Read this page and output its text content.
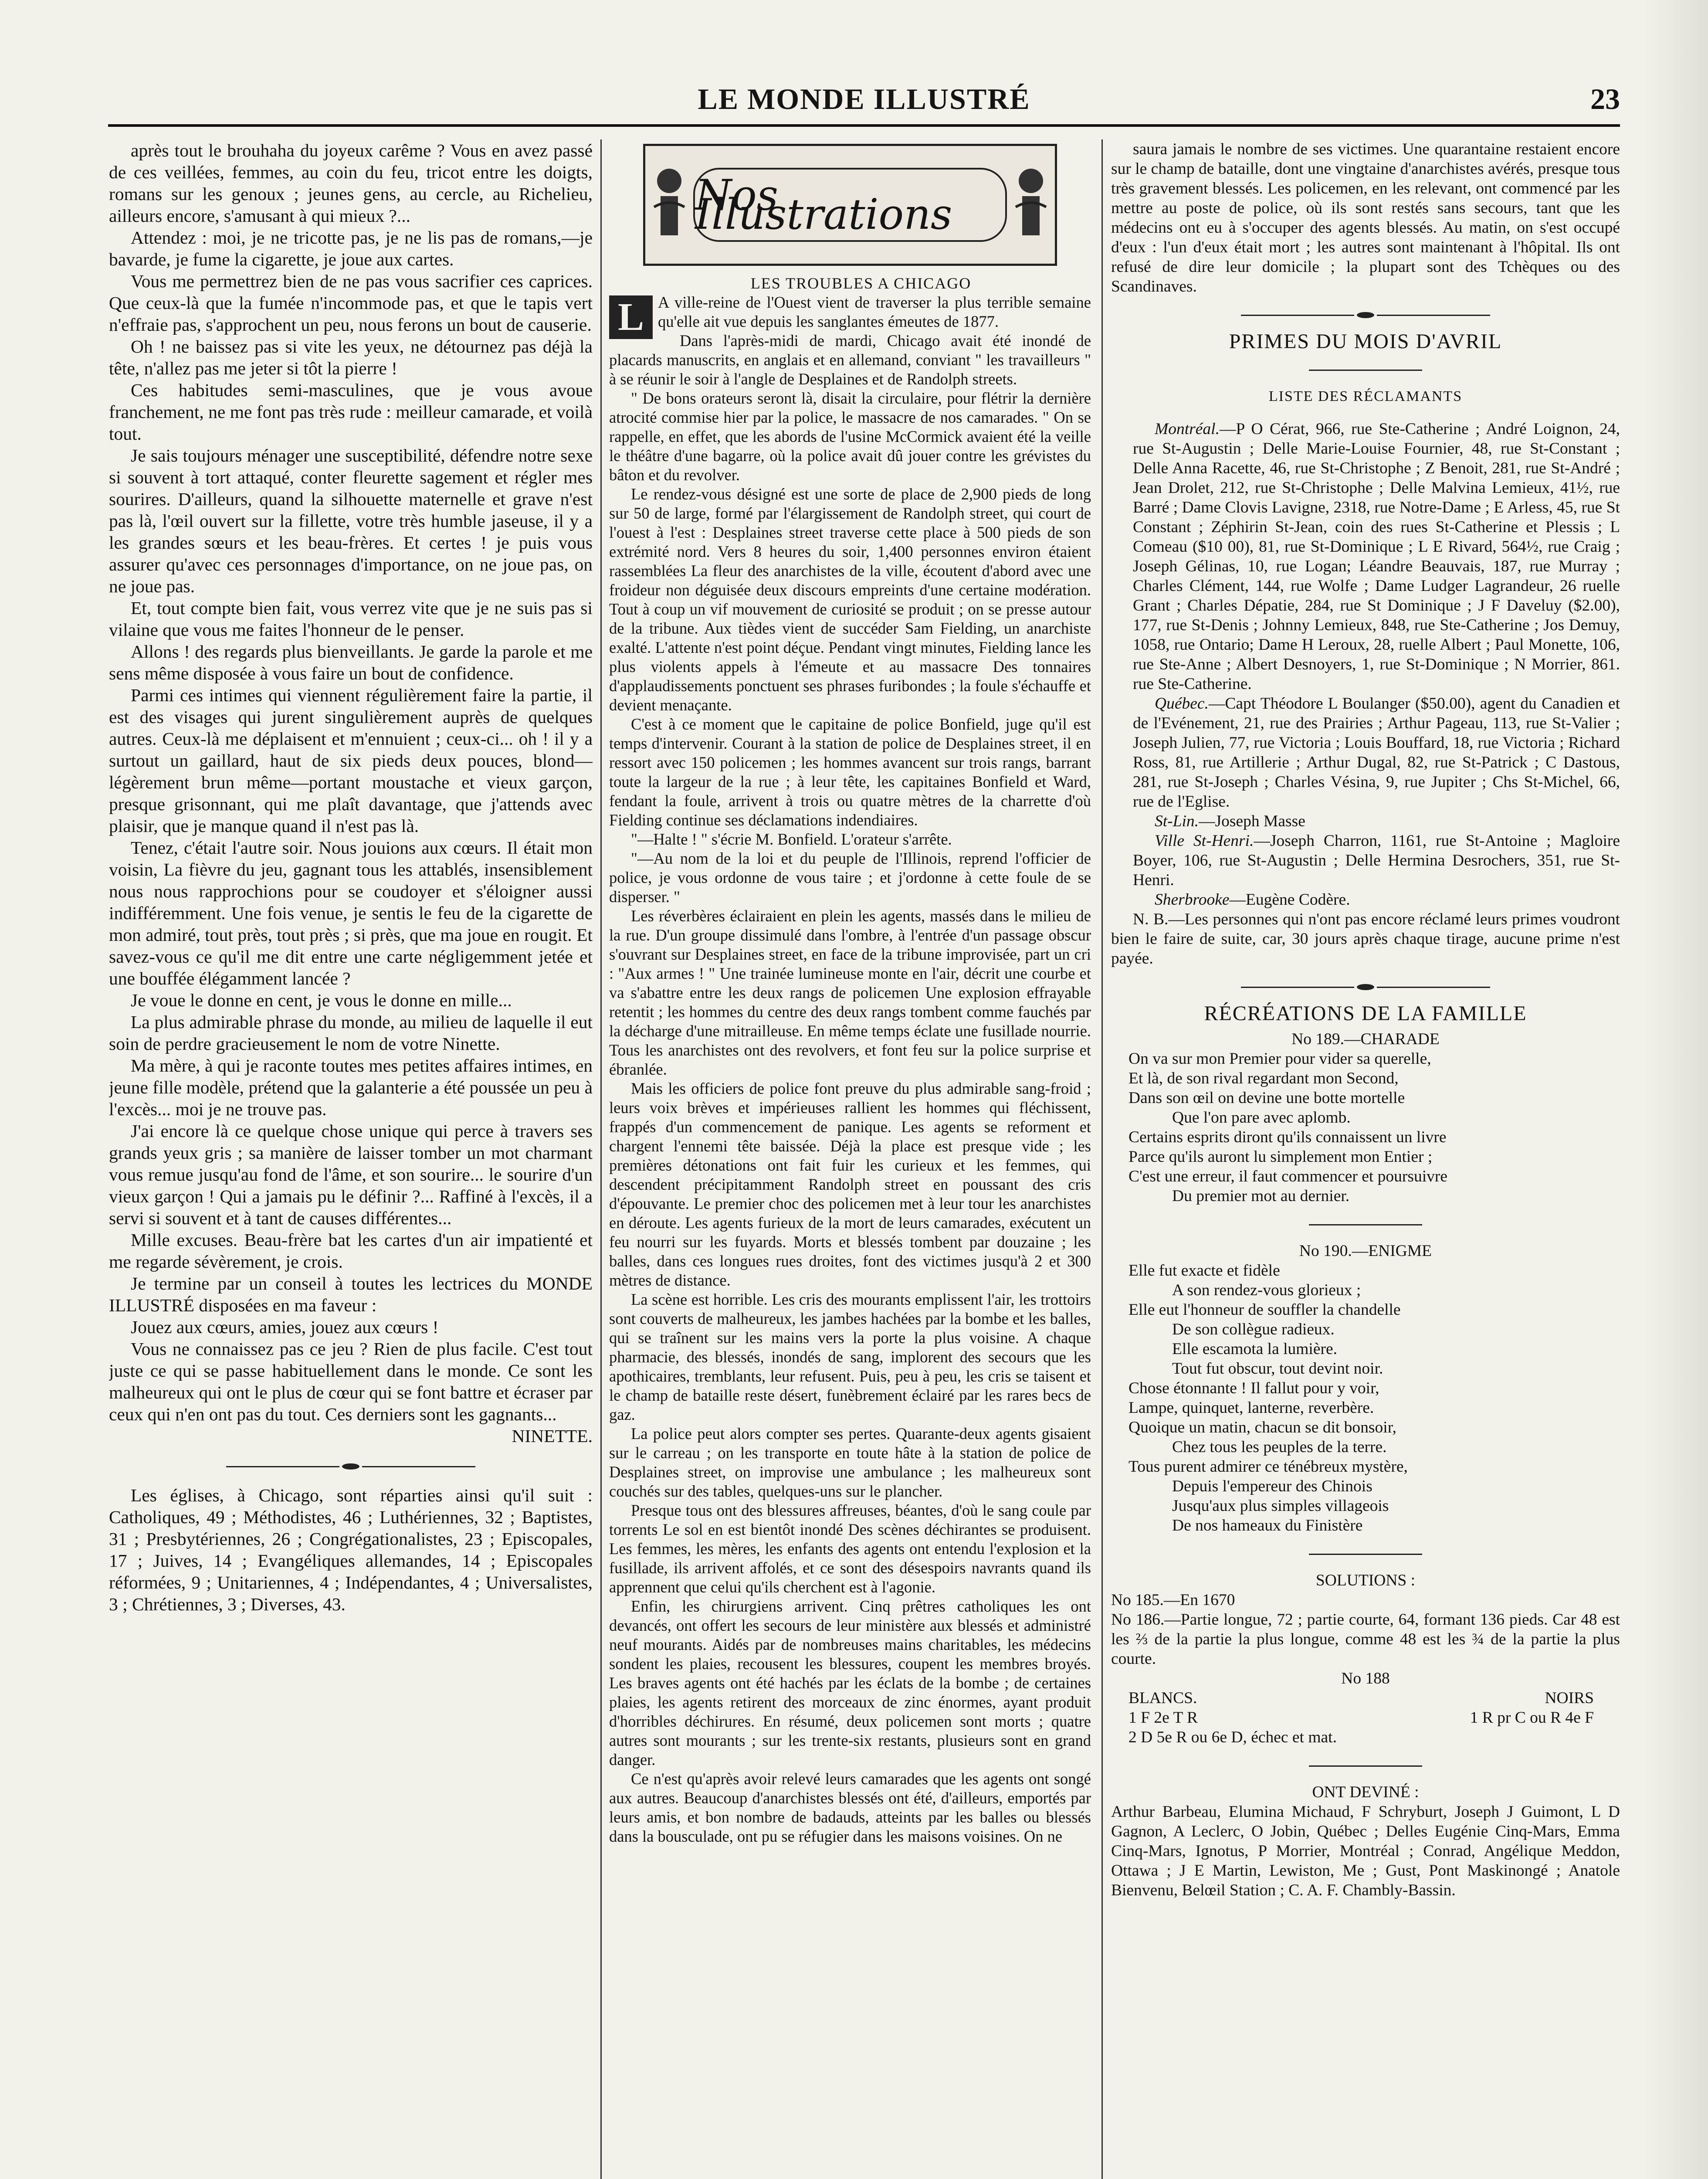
LE MONDE ILLUSTRÉ	23

après tout le brouhaha du joyeux carême ? Vous en avez passé de ces veillées, femmes, au coin du feu, tricot entre les doigts, romans sur les genoux ; jeunes gens, au cercle, au Richelieu, ailleurs encore, s'amusant à qui mieux ?...

Attendez : moi, je ne tricotte pas, je ne lis pas de romans,—je bavarde, je fume la cigarette, je joue aux cartes.

Vous me permettrez bien de ne pas vous sacrifier ces caprices. Que ceux-là que la fumée n'incommode pas, et que le tapis vert n'effraie pas, s'approchent un peu, nous ferons un bout de causerie.

Oh ! ne baissez pas si vite les yeux, ne détournez pas déjà la tête, n'allez pas me jeter si tôt la pierre !

Ces habitudes semi-masculines, que je vous avoue franchement, ne me font pas très rude : meilleur camarade, et voilà tout.

Je sais toujours ménager une susceptibilité, défendre notre sexe si souvent à tort attaqué, conter fleurette sagement et régler mes sourires. D'ailleurs, quand la silhouette maternelle et grave n'est pas là, l'œil ouvert sur la fillette, votre très humble jaseuse, il y a les grandes sœurs et les beau-frères. Et certes ! je puis vous assurer qu'avec ces personnages d'importance, on ne joue pas, on ne joue pas.

Et, tout compte bien fait, vous verrez vite que je ne suis pas si vilaine que vous me faites l'honneur de le penser.

Allons ! des regards plus bienveillants. Je garde la parole et me sens même disposée à vous faire un bout de confidence.

Parmi ces intimes qui viennent régulièrement faire la partie, il est des visages qui jurent singulièrement auprès de quelques autres. Ceux-là me déplaisent et m'ennuient ; ceux-ci... oh ! il y a surtout un gaillard, haut de six pieds deux pouces, blond—légèrement brun même—portant moustache et vieux garçon, presque grisonnant, qui me plaît davantage, que j'attends avec plaisir, que je manque quand il n'est pas là.

Tenez, c'était l'autre soir. Nous jouions aux cœurs. Il était mon voisin, La fièvre du jeu, gagnant tous les attablés, insensiblement nous nous rapprochions pour se coudoyer et s'éloigner aussi indifféremment. Une fois venue, je sentis le feu de la cigarette de mon admiré, tout près, tout près ; si près, que ma joue en rougit. Et savez-vous ce qu'il me dit entre une carte négligemment jetée et une bouffée élégamment lancée ?

Je voue le donne en cent, je vous le donne en mille...

La plus admirable phrase du monde, au milieu de laquelle il eut soin de perdre gracieusement le nom de votre Ninette.

Ma mère, à qui je raconte toutes mes petites affaires intimes, en jeune fille modèle, prétend que la galanterie a été poussée un peu à l'excès... moi je ne trouve pas.

J'ai encore là ce quelque chose unique qui perce à travers ses grands yeux gris ; sa manière de laisser tomber un mot charmant vous remue jusqu'au fond de l'âme, et son sourire... le sourire d'un vieux garçon ! Qui a jamais pu le définir ?... Raffiné à l'excès, il a servi si souvent et à tant de causes différentes...

Mille excuses. Beau-frère bat les cartes d'un air impatienté et me regarde sévèrement, je crois.

Je termine par un conseil à toutes les lectrices du MONDE ILLUSTRÉ disposées en ma faveur :

Jouez aux cœurs, amies, jouez aux cœurs !

Vous ne connaissez pas ce jeu ? Rien de plus facile. C'est tout juste ce qui se passe habituellement dans le monde. Ce sont les malheureux qui ont le plus de cœur qui se font battre et écraser par ceux qui n'en ont pas du tout. Ces derniers sont les gagnants...

NINETTE.

Les églises, à Chicago, sont réparties ainsi qu'il suit : Catholiques, 49 ; Méthodistes, 46 ; Luthériennes, 32 ; Baptistes, 31 ; Presbytériennes, 26 ; Congrégationalistes, 23 ; Episcopales, 17 ; Juives, 14 ; Evangéliques allemandes, 14 ; Episcopales réformées, 9 ; Unitariennes, 4 ; Indépendantes, 4 ; Universalistes, 3 ; Chrétiennes, 3 ; Diverses, 43.

Nos Illustrations

LES TROUBLES A CHICAGO

L A ville-reine de l'Ouest vient de traverser la plus terrible semaine qu'elle ait vue depuis les sanglantes émeutes de 1877.

Dans l'après-midi de mardi, Chicago avait été inondé de placards manuscrits, en anglais et en allemand, conviant " les travailleurs " à se réunir le soir à l'angle de Desplaines et de Randolph streets.

" De bons orateurs seront là, disait la circulaire, pour flétrir la dernière atrocité commise hier par la police, le massacre de nos camarades. " On se rappelle, en effet, que les abords de l'usine McCormick avaient été la veille le théâtre d'une bagarre, où la police avait dû jouer contre les grévistes du bâton et du revolver.

Le rendez-vous désigné est une sorte de place de 2,900 pieds de long sur 50 de large, formé par l'élargissement de Randolph street, qui court de l'ouest à l'est : Desplaines street traverse cette place à 500 pieds de son extrémité nord. Vers 8 heures du soir, 1,400 personnes environ étaient rassemblées La fleur des anarchistes de la ville, écoutent d'abord avec une froideur non déguisée deux discours empreints d'une certaine modération. Tout à coup un vif mouvement de curiosité se produit ; on se presse autour de la tribune. Aux tièdes vient de succéder Sam Fielding, un anarchiste exalté. L'attente n'est point déçue. Pendant vingt minutes, Fielding lance les plus violents appels à l'émeute et au massacre Des tonnaires d'applaudissements ponctuent ses phrases furibondes ; la foule s'échauffe et devient menaçante.

C'est à ce moment que le capitaine de police Bonfield, juge qu'il est temps d'intervenir. Courant à la station de police de Desplaines street, il en ressort avec 150 policemen ; les hommes avancent sur trois rangs, barrant toute la largeur de la rue ; à leur tête, les capitaines Bonfield et Ward, fendant la foule, arrivent à trois ou quatre mètres de la charrette d'où Fielding continue ses déclamations indendiaires.

"—Halte ! " s'écrie M. Bonfield. L'orateur s'arrête.

"—Au nom de la loi et du peuple de l'Illinois, reprend l'officier de police, je vous ordonne de vous taire ; et j'ordonne à cette foule de se disperser. "

Les réverbères éclairaient en plein les agents, massés dans le milieu de la rue. D'un groupe dissimulé dans l'ombre, à l'entrée d'un passage obscur s'ouvrant sur Desplaines street, en face de la tribune improvisée, part un cri : "Aux armes ! " Une trainée lumineuse monte en l'air, décrit une courbe et va s'abattre entre les deux rangs de policemen Une explosion effrayable retentit ; les hommes du centre des deux rangs tombent comme fauchés par la décharge d'une mitrailleuse. En même temps éclate une fusillade nourrie. Tous les anarchistes ont des revolvers, et font feu sur la police surprise et ébranlée.

Mais les officiers de police font preuve du plus admirable sang-froid ; leurs voix brèves et impérieuses rallient les hommes qui fléchissent, frappés d'un commencement de panique. Les agents se reforment et chargent l'ennemi tête baissée. Déjà la place est presque vide ; les premières détonations ont fait fuir les curieux et les femmes, qui descendent précipitamment Randolph street en poussant des cris d'épouvante. Le premier choc des policemen met à leur tour les anarchistes en déroute. Les agents furieux de la mort de leurs camarades, exécutent un feu nourri sur les fuyards. Morts et blessés tombent par douzaine ; les balles, dans ces longues rues droites, font des victimes jusqu'à 2 et 300 mètres de distance.

La scène est horrible. Les cris des mourants emplissent l'air, les trottoirs sont couverts de malheureux, les jambes hachées par la bombe et les balles, qui se traînent sur les mains vers la porte la plus voisine. A chaque pharmacie, des blessés, inondés de sang, implorent des secours que les apothicaires, tremblants, leur refusent. Puis, peu à peu, les cris se taisent et le champ de bataille reste désert, funèbrement éclairé par les rares becs de gaz.

La police peut alors compter ses pertes. Quarante-deux agents gisaient sur le carreau ; on les transporte en toute hâte à la station de police de Desplaines street, on improvise une ambulance ; les malheureux sont couchés sur des tables, quelques-uns sur le plancher.

Presque tous ont des blessures affreuses, béantes, d'où le sang coule par torrents Le sol en est bientôt inondé Des scènes déchirantes se produisent. Les femmes, les mères, les enfants des agents ont entendu l'explosion et la fusillade, ils arrivent affolés, et ce sont des désespoirs navrants quand ils apprennent que celui qu'ils cherchent est à l'agonie.

Enfin, les chirurgiens arrivent. Cinq prêtres catholiques les ont devancés, ont offert les secours de leur ministère aux blessés et administré neuf mourants. Aidés par de nombreuses mains charitables, les médecins sondent les plaies, recousent les blessures, coupent les membres broyés. Les braves agents ont été hachés par les éclats de la bombe ; de certaines plaies, les agents retirent des morceaux de zinc énormes, ayant produit d'horribles déchirures. En résumé, deux policemen sont morts ; quatre autres sont mourants ; sur les trente-six restants, plusieurs sont en grand danger.

Ce n'est qu'après avoir relevé leurs camarades que les agents ont songé aux autres. Beaucoup d'anarchistes blessés ont été, d'ailleurs, emportés par leurs amis, et bon nombre de badauds, atteints par les balles ou blessés dans la bousculade, ont pu se réfugier dans les maisons voisines. On ne

saura jamais le nombre de ses victimes. Une quarantaine restaient encore sur le champ de bataille, dont une vingtaine d'anarchistes avérés, presque tous très gravement blessés. Les policemen, en les relevant, ont commencé par les mettre au poste de police, où ils sont restés sans secours, tant que les médecins ont eu à s'occuper des agents blessés. Au matin, on s'est occupé d'eux : l'un d'eux était mort ; les autres sont maintenant à l'hôpital. Ils ont refusé de dire leur domicile ; la plupart sont des Tchèques ou des Scandinaves.

PRIMES DU MOIS D'AVRIL
LISTE DES RÉCLAMANTS

Montréal.—P O Cérat, 966, rue Ste-Catherine ; André Loignon, 24, rue St-Augustin ; Delle Marie-Louise Fournier, 48, rue St-Constant ; Delle Anna Racette, 46, rue St-Christophe ; Z Benoit, 281, rue St-André ; Jean Drolet, 212, rue St-Christophe ; Delle Malvina Lemieux, 41½, rue Barré ; Dame Clovis Lavigne, 2318, rue Notre-Dame ; E Arless, 45, rue St Constant ; Zéphirin St-Jean, coin des rues St-Catherine et Plessis ; L Comeau ($10 00), 81, rue St-Dominique ; L E Rivard, 564½, rue Craig ; Joseph Gélinas, 10, rue Logan; Léandre Beauvais, 187, rue Murray ; Charles Clément, 144, rue Wolfe ; Dame Ludger Lagrandeur, 26 ruelle Grant ; Charles Dépatie, 284, rue St Dominique ; J F Daveluy ($2.00), 177, rue St-Denis ; Johnny Lemieux, 848, rue Ste-Catherine ; Jos Demuy, 1058, rue Ontario; Dame H Leroux, 28, ruelle Albert ; Paul Monette, 106, rue Ste-Anne ; Albert Desnoyers, 1, rue St-Dominique ; N Morrier, 861. rue Ste-Catherine.

Québec.—Capt Théodore L Boulanger ($50.00), agent du Canadien et de l'Evénement, 21, rue des Prairies ; Arthur Pageau, 113, rue St-Valier ; Joseph Julien, 77, rue Victoria ; Louis Bouffard, 18, rue Victoria ; Richard Ross, 81, rue Artillerie ; Arthur Dugal, 82, rue St-Patrick ; C Dastous, 281, rue St-Joseph ; Charles Vésina, 9, rue Jupiter ; Chs St-Michel, 66, rue de l'Eglise.

St-Lin.—Joseph Masse

Ville St-Henri.—Joseph Charron, 1161, rue St-Antoine ; Magloire Boyer, 106, rue St-Augustin ; Delle Hermina Desrochers, 351, rue St-Henri.

Sherbrooke—Eugène Codère.

N. B.—Les personnes qui n'ont pas encore réclamé leurs primes voudront bien le faire de suite, car, 30 jours après chaque tirage, aucune prime n'est payée.

RÉCRÉATIONS DE LA FAMILLE
No 189.—CHARADE
On va sur mon Premier pour vider sa querelle,
Et là, de son rival regardant mon Second,
Dans son œil on devine une botte mortelle
Que l'on pare avec aplomb.
Certains esprits diront qu'ils connaissent un livre
Parce qu'ils auront lu simplement mon Entier ;
C'est une erreur, il faut commencer et poursuivre
Du premier mot au dernier.
No 190.—ENIGME
Elle fut exacte et fidèle
A son rendez-vous glorieux ;
Elle eut l'honneur de souffler la chandelle
De son collègue radieux.
Elle escamota la lumière.
Tout fut obscur, tout devint noir.
Chose étonnante ! Il fallut pour y voir,
Lampe, quinquet, lanterne, reverbère.
Quoique un matin, chacun se dit bonsoir,
Chez tous les peuples de la terre.
Tous purent admirer ce ténébreux mystère,
Depuis l'empereur des Chinois
Jusqu'aux plus simples villageois
De nos hameaux du Finistère
SOLUTIONS :

No 185.—En 1670

No 186.—Partie longue, 72 ; partie courte, 64, formant 136 pieds. Car 48 est les ⅔ de la partie la plus longue, comme 48 est les ¾ de la partie la plus courte.

No 188
BLANCS.	NOIRS
1 F 2e T R	1 R pr C ou R 4e F
2 D 5e R ou 6e D, échec et mat.
ONT DEVINÉ :

Arthur Barbeau, Elumina Michaud, F Schryburt, Joseph J Guimont, L D Gagnon, A Leclerc, O Jobin, Québec ; Delles Eugénie Cinq-Mars, Emma Cinq-Mars, Ignotus, P Morrier, Montréal ; Conrad, Angélique Meddon, Ottawa ; J E Martin, Lewiston, Me ; Gust, Pont Maskinongé ; Anatole Bienvenu, Belœil Station ; C. A. F. Chambly-Bassin.
